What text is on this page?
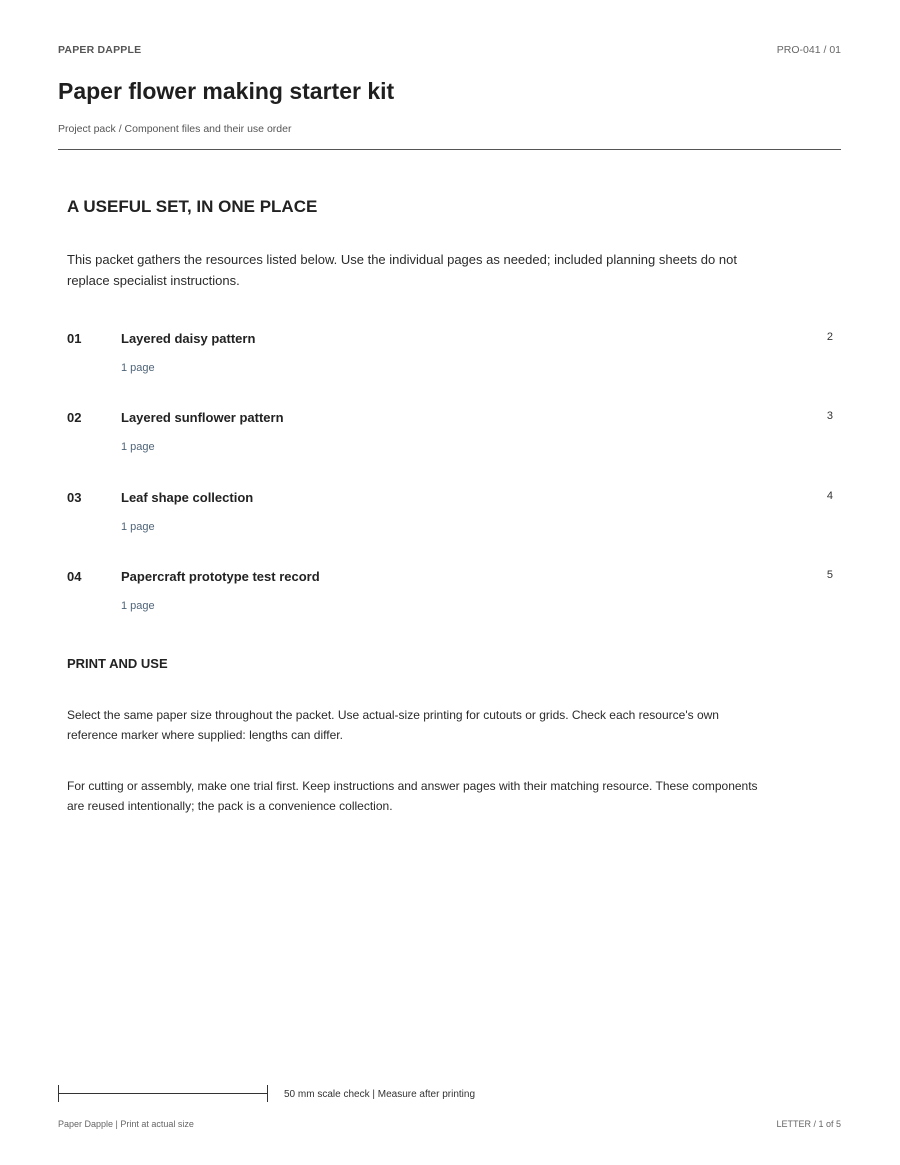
PAPER DAPPLE	PRO-041 / 01
Paper flower making starter kit
Project pack / Component files and their use order
A USEFUL SET, IN ONE PLACE

This packet gathers the resources listed below. Use the individual pages as needed; included planning sheets do not replace specialist instructions.

01	Layered daisy pattern	2
1 page
02	Layered sunflower pattern	3
1 page
03	Leaf shape collection	4
1 page
04	Papercraft prototype test record	5
1 page
PRINT AND USE

Select the same paper size throughout the packet. Use actual-size printing for cutouts or grids. Check each resource's own reference marker where supplied: lengths can differ.

For cutting or assembly, make one trial first. Keep instructions and answer pages with their matching resource. These components are reused intentionally; the pack is a convenience collection.

50 mm scale check | Measure after printing
Paper Dapple | Print at actual size	LETTER / 1 of 5
